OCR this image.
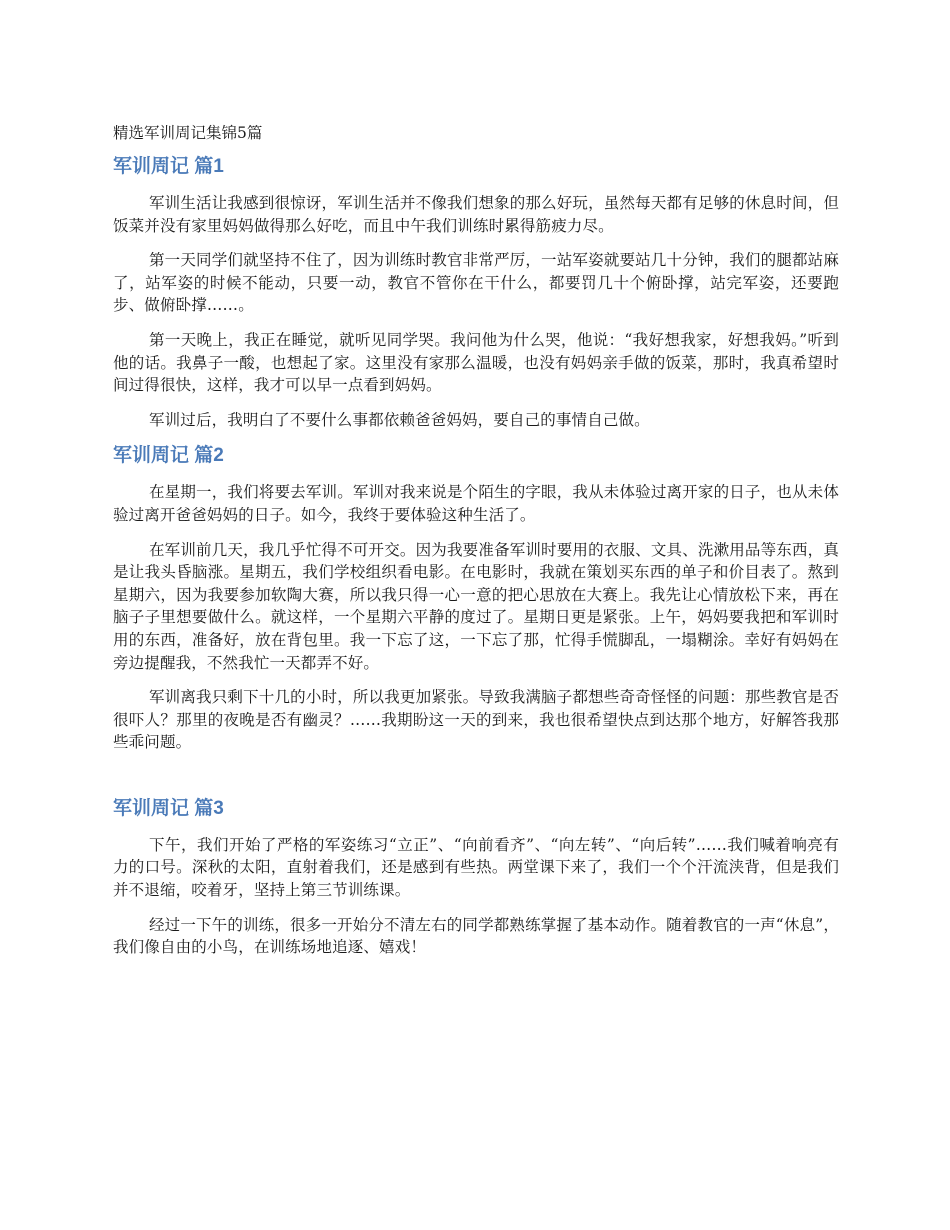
精选军训周记集锦5篇
军训周记 篇1

军训生活让我感到很惊讶，军训生活并不像我们想象的那么好玩，虽然每天都有足够的休息时间，但饭菜并没有家里妈妈做得那么好吃，而且中午我们训练时累得筋疲力尽。

第一天同学们就坚持不住了，因为训练时教官非常严厉，一站军姿就要站几十分钟，我们的腿都站麻了，站军姿的时候不能动，只要一动，教官不管你在干什么，都要罚几十个俯卧撑，站完军姿，还要跑步、做俯卧撑……。

第一天晚上，我正在睡觉，就听见同学哭。我问他为什么哭，他说：“我好想我家，好想我妈。”听到他的话。我鼻子一酸，也想起了家。这里没有家那么温暖，也没有妈妈亲手做的饭菜，那时，我真希望时间过得很快，这样，我才可以早一点看到妈妈。

军训过后，我明白了不要什么事都依赖爸爸妈妈，要自己的事情自己做。

军训周记 篇2

在星期一，我们将要去军训。军训对我来说是个陌生的字眼，我从未体验过离开家的日子，也从未体验过离开爸爸妈妈的日子。如今，我终于要体验这种生活了。

在军训前几天，我几乎忙得不可开交。因为我要准备军训时要用的衣服、文具、洗漱用品等东西，真是让我头昏脑涨。星期五，我们学校组织看电影。在电影时，我就在策划买东西的单子和价目表了。熬到星期六，因为我要参加软陶大赛，所以我只得一心一意的把心思放在大赛上。我先让心情放松下来，再在脑子子里想要做什么。就这样，一个星期六平静的度过了。星期日更是紧张。上午，妈妈要我把和军训时用的东西，准备好，放在背包里。我一下忘了这，一下忘了那，忙得手慌脚乱，一塌糊涂。幸好有妈妈在旁边提醒我，不然我忙一天都弄不好。

军训离我只剩下十几的小时，所以我更加紧张。导致我满脑子都想些奇奇怪怪的问题：那些教官是否很吓人？那里的夜晚是否有幽灵？……我期盼这一天的到来，我也很希望快点到达那个地方，好解答我那些乖问题。

军训周记 篇3

下午，我们开始了严格的军姿练习“立正”、“向前看齐”、“向左转”、“向后转”……我们喊着响亮有力的口号。深秋的太阳，直射着我们，还是感到有些热。两堂课下来了，我们一个个汗流浃背，但是我们并不退缩，咬着牙，坚持上第三节训练课。

经过一下午的训练，很多一开始分不清左右的同学都熟练掌握了基本动作。随着教官的一声“休息”，我们像自由的小鸟，在训练场地追逐、嬉戏！
